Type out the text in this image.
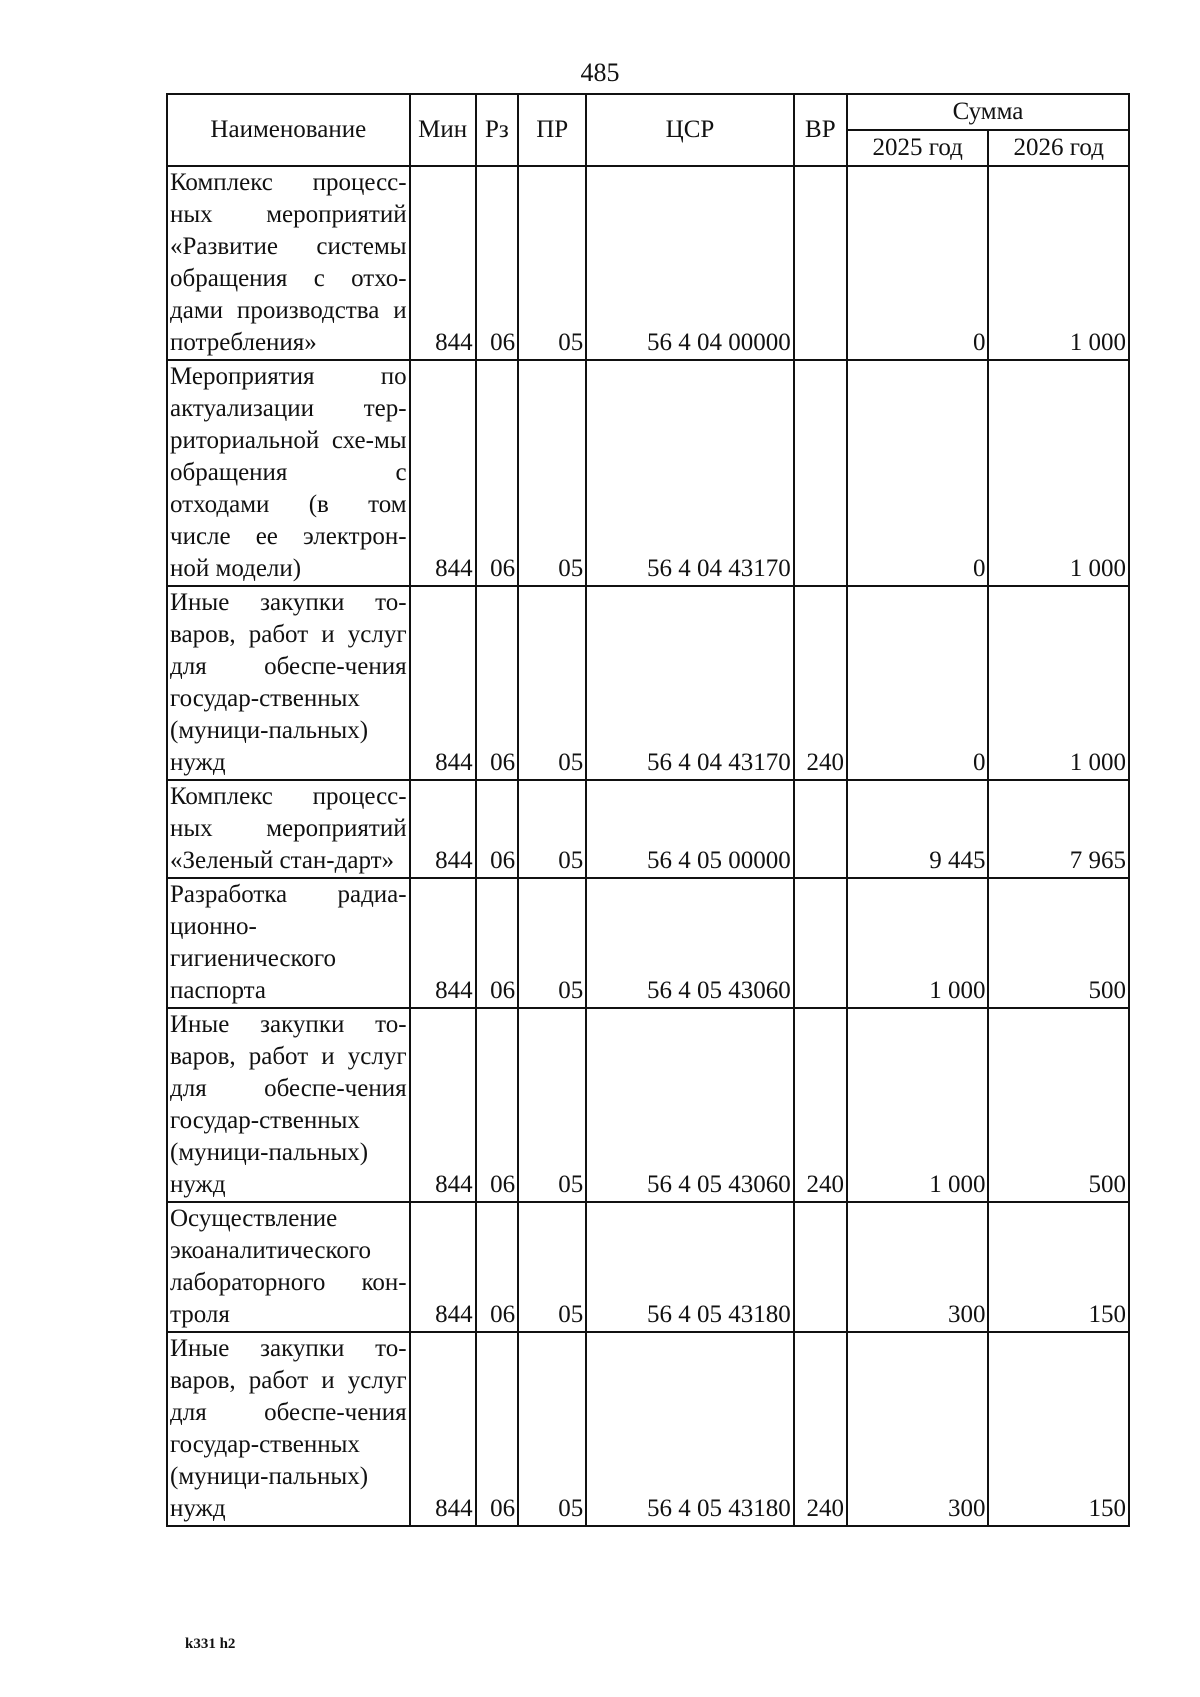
485
Наименование	Мин	Рз	ПР	ЦСР	ВР	Сумма	
						2025 год	2026 год
Комплекс процесс-ных мероприятий «Развитие системы обращения с отхо-дами производства и потребления»	844	06	05	56 4 04 00000		0	1 000
Мероприятия по актуализации тер-риториальной схе-мы обращения с отходами (в том числе ее электрон-ной модели)	844	06	05	56 4 04 43170		0	1 000
Иные закупки то-варов, работ и услуг для обеспе-чения государ-ственных (муници-пальных) нужд	844	06	05	56 4 04 43170	240	0	1 000
Комплекс процесс-ных мероприятий «Зеленый стан-дарт»	844	06	05	56 4 05 00000		9 445	7 965
Разработка радиа-ционно-гигиенического паспорта	844	06	05	56 4 05 43060		1 000	500
Иные закупки то-варов, работ и услуг для обеспе-чения государ-ственных (муници-пальных) нужд	844	06	05	56 4 05 43060	240	1 000	500
Осуществление экоаналитического лабораторного кон-троля	844	06	05	56 4 05 43180		300	150
Иные закупки то-варов, работ и услуг для обеспе-чения государ-ственных (муници-пальных) нужд	844	06	05	56 4 05 43180	240	300	150
k331 h2
